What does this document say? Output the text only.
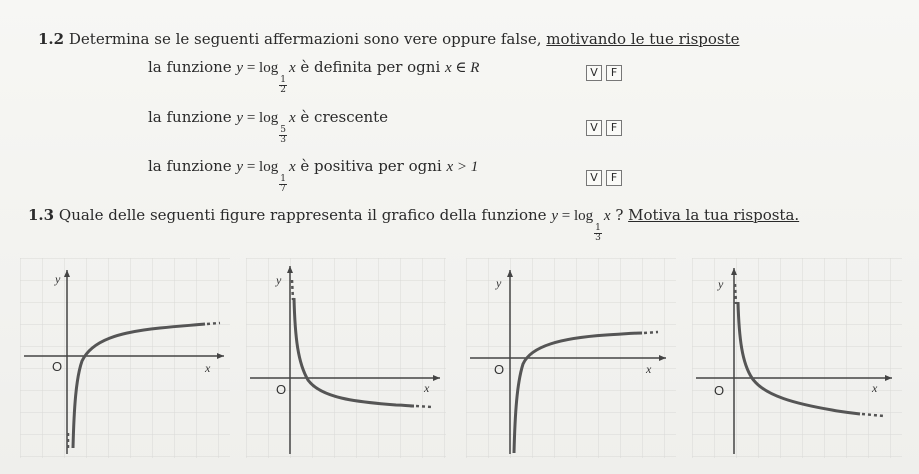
1.2 Determina se le seguenti affermazioni sono vere oppure false, motivando le tue risposte
la funzione y = log
$\frac{1}{2}$
x è definita per ogni x ∈ R	V F
la funzione y = log
$\frac{5}{3}$
x è crescente
V F
la funzione y = log
$\frac{1}{7}$
x è positiva per ogni x > 1
V F
1.3 Quale delle seguenti figure rappresenta il grafico della funzione y = log
$\frac{1}{3}$
x ? Motiva la tua risposta.
y
x
O
y
x
O
y
x
O
y
x
O
